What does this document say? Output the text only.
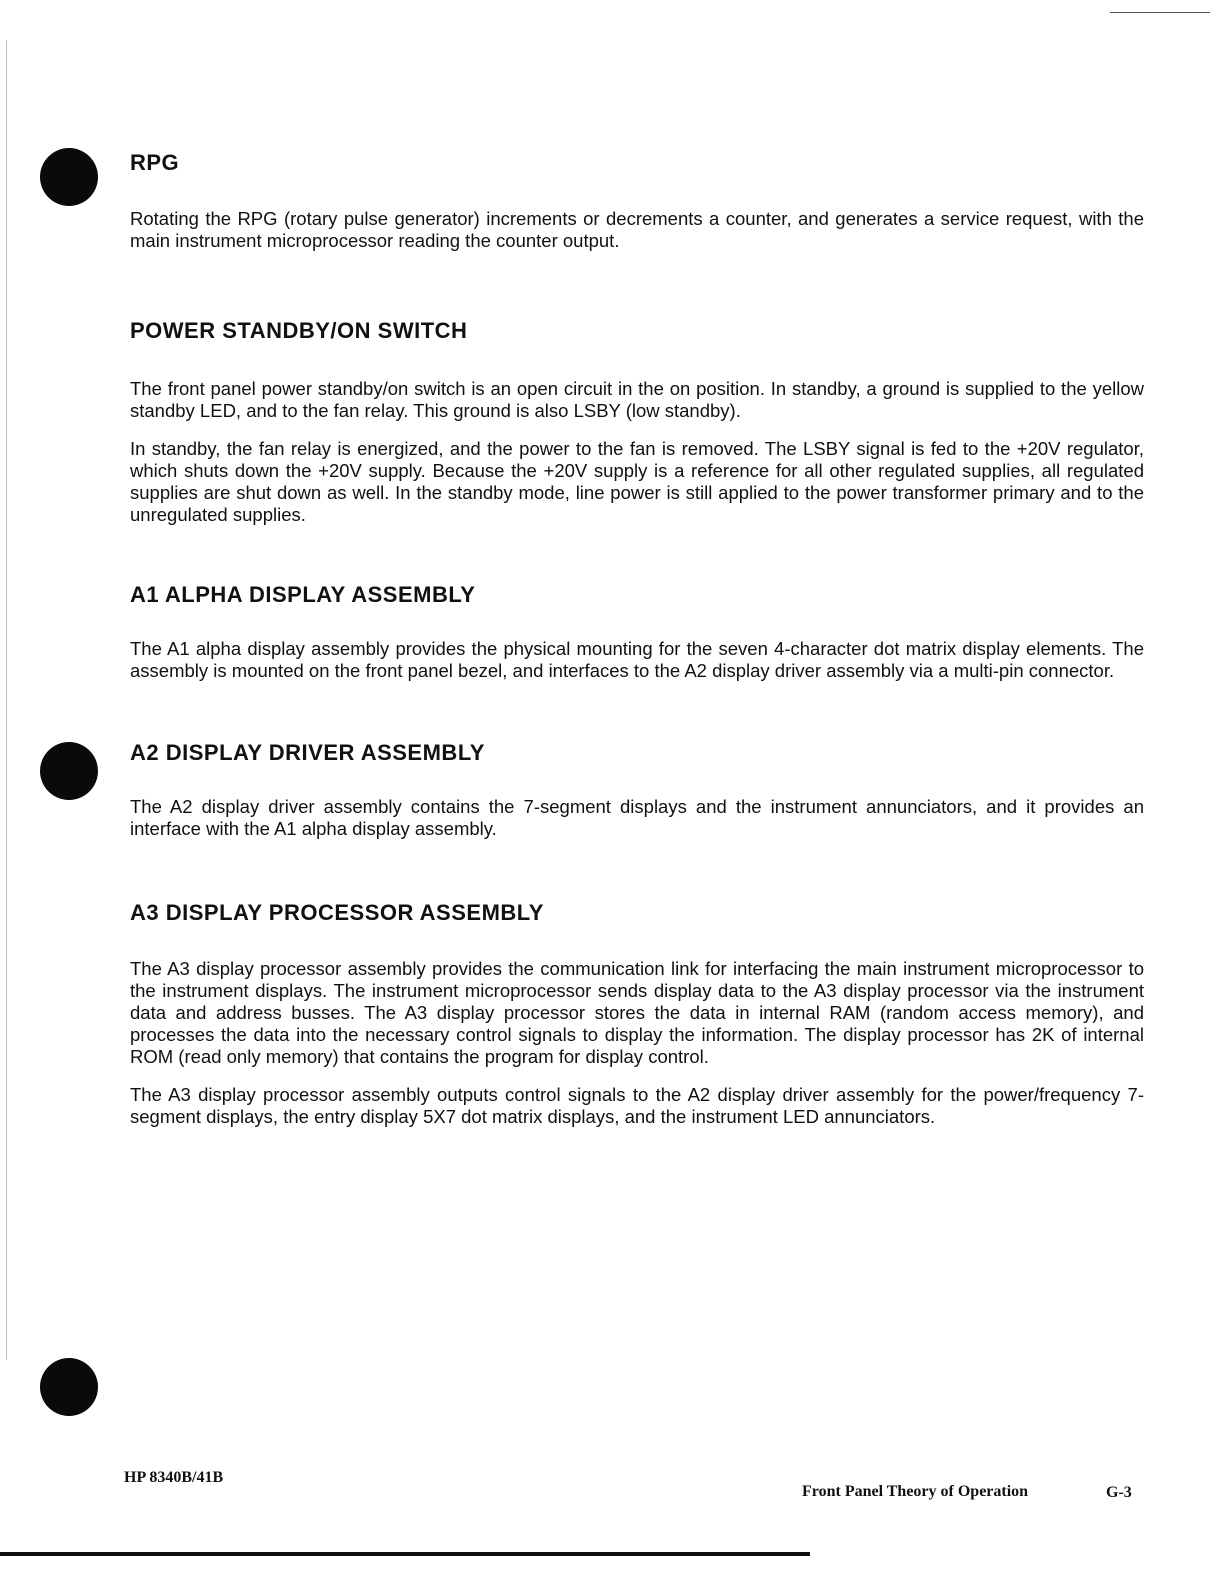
RPG

Rotating the RPG (rotary pulse generator) increments or decrements a counter, and generates a service request, with the main instrument microprocessor reading the counter output.

POWER STANDBY/ON SWITCH

The front panel power standby/on switch is an open circuit in the on position. In standby, a ground is supplied to the yellow standby LED, and to the fan relay. This ground is also LSBY (low standby).

In standby, the fan relay is energized, and the power to the fan is removed. The LSBY signal is fed to the +20V regulator, which shuts down the +20V supply. Because the +20V supply is a reference for all other regulated supplies, all regulated supplies are shut down as well. In the standby mode, line power is still applied to the power transformer primary and to the unregulated supplies.

A1 ALPHA DISPLAY ASSEMBLY

The A1 alpha display assembly provides the physical mounting for the seven 4-character dot matrix display elements. The assembly is mounted on the front panel bezel, and interfaces to the A2 display driver assembly via a multi-pin connector.

A2 DISPLAY DRIVER ASSEMBLY

The A2 display driver assembly contains the 7-segment displays and the instrument annunciators, and it provides an interface with the A1 alpha display assembly.

A3 DISPLAY PROCESSOR ASSEMBLY

The A3 display processor assembly provides the communication link for interfacing the main instrument microprocessor to the instrument displays. The instrument microprocessor sends display data to the A3 display processor via the instrument data and address busses. The A3 display processor stores the data in internal RAM (random access memory), and processes the data into the necessary control signals to display the information. The display processor has 2K of internal ROM (read only memory) that contains the program for display control.

The A3 display processor assembly outputs control signals to the A2 display driver assembly for the power/frequency 7-segment displays, the entry display 5X7 dot matrix displays, and the instrument LED annunciators.

HP 8340B/41B
Front Panel Theory of Operation	G-3
